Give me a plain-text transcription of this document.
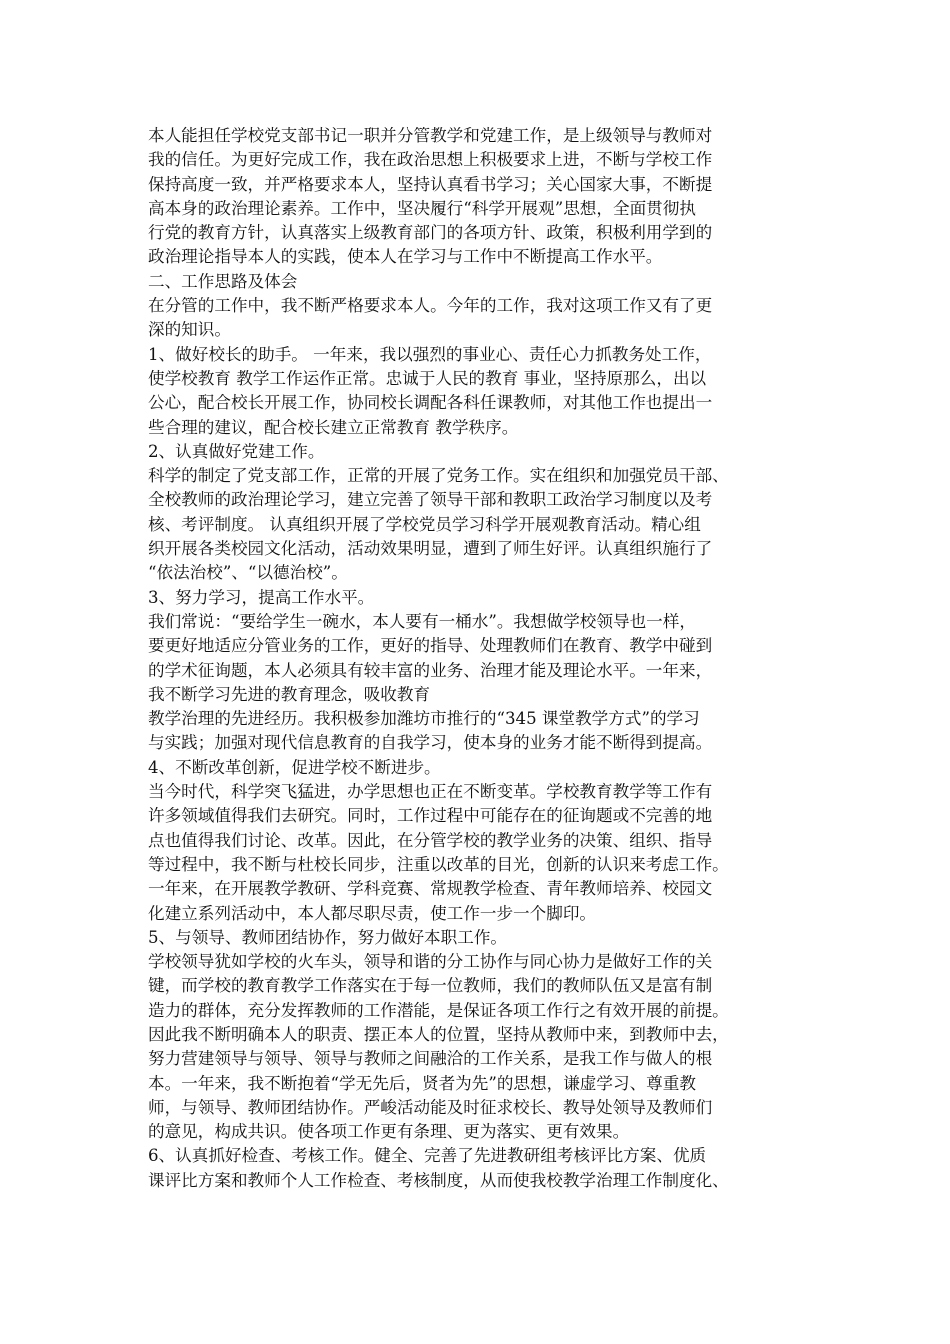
本人能担任学校党支部书记一职并分管教学和党建工作，是上级领导与教师对
我的信任。为更好完成工作，我在政治思想上积极要求上进，不断与学校工作
保持高度一致，并严格要求本人，坚持认真看书学习；关心国家大事，不断提
高本身的政治理论素养。工作中，坚决履行“科学开展观”思想，全面贯彻执
行党的教育方针，认真落实上级教育部门的各项方针、政策，积极利用学到的
政治理论指导本人的实践，使本人在学习与工作中不断提高工作水平。
二、工作思路及体会
在分管的工作中，我不断严格要求本人。今年的工作，我对这项工作又有了更
深的知识。
1、做好校长的助手。 一年来，我以强烈的事业心、责任心力抓教务处工作，
使学校教育 教学工作运作正常。忠诚于人民的教育 事业，坚持原那么，出以
公心，配合校长开展工作，协同校长调配各科任课教师，对其他工作也提出一
些合理的建议，配合校长建立正常教育 教学秩序。
2、认真做好党建工作。
科学的制定了党支部工作，正常的开展了党务工作。实在组织和加强党员干部、
全校教师的政治理论学习，建立完善了领导干部和教职工政治学习制度以及考
核、考评制度。 认真组织开展了学校党员学习科学开展观教育活动。精心组
织开展各类校园文化活动，活动效果明显，遭到了师生好评。认真组织施行了
“依法治校”、“以德治校”。
3、努力学习，提高工作水平。
我们常说：“要给学生一碗水，本人要有一桶水”。我想做学校领导也一样，
要更好地适应分管业务的工作，更好的指导、处理教师们在教育、教学中碰到
的学术征询题，本人必须具有较丰富的业务、治理才能及理论水平。一年来，
我不断学习先进的教育理念，吸收教育
教学治理的先进经历。我积极参加潍坊市推行的“345 课堂教学方式”的学习
与实践；加强对现代信息教育的自我学习，使本身的业务才能不断得到提高。
4、不断改革创新，促进学校不断进步。
当今时代，科学突飞猛进，办学思想也正在不断变革。学校教育教学等工作有
许多领域值得我们去研究。同时，工作过程中可能存在的征询题或不完善的地
点也值得我们讨论、改革。因此，在分管学校的教学业务的决策、组织、指导
等过程中，我不断与杜校长同步，注重以改革的目光，创新的认识来考虑工作。
一年来，在开展教学教研、学科竞赛、常规教学检查、青年教师培养、校园文
化建立系列活动中，本人都尽职尽责，使工作一步一个脚印。
5、与领导、教师团结协作，努力做好本职工作。
学校领导犹如学校的火车头，领导和谐的分工协作与同心协力是做好工作的关
键，而学校的教育教学工作落实在于每一位教师，我们的教师队伍又是富有制
造力的群体，充分发挥教师的工作潜能，是保证各项工作行之有效开展的前提。
因此我不断明确本人的职责、摆正本人的位置，坚持从教师中来，到教师中去，
努力营建领导与领导、领导与教师之间融洽的工作关系，是我工作与做人的根
本。一年来，我不断抱着“学无先后，贤者为先”的思想，谦虚学习、尊重教
师，与领导、教师团结协作。严峻活动能及时征求校长、教导处领导及教师们
的意见，构成共识。使各项工作更有条理、更为落实、更有效果。
6、认真抓好检查、考核工作。健全、完善了先进教研组考核评比方案、优质
课评比方案和教师个人工作检查、考核制度，从而使我校教学治理工作制度化、
